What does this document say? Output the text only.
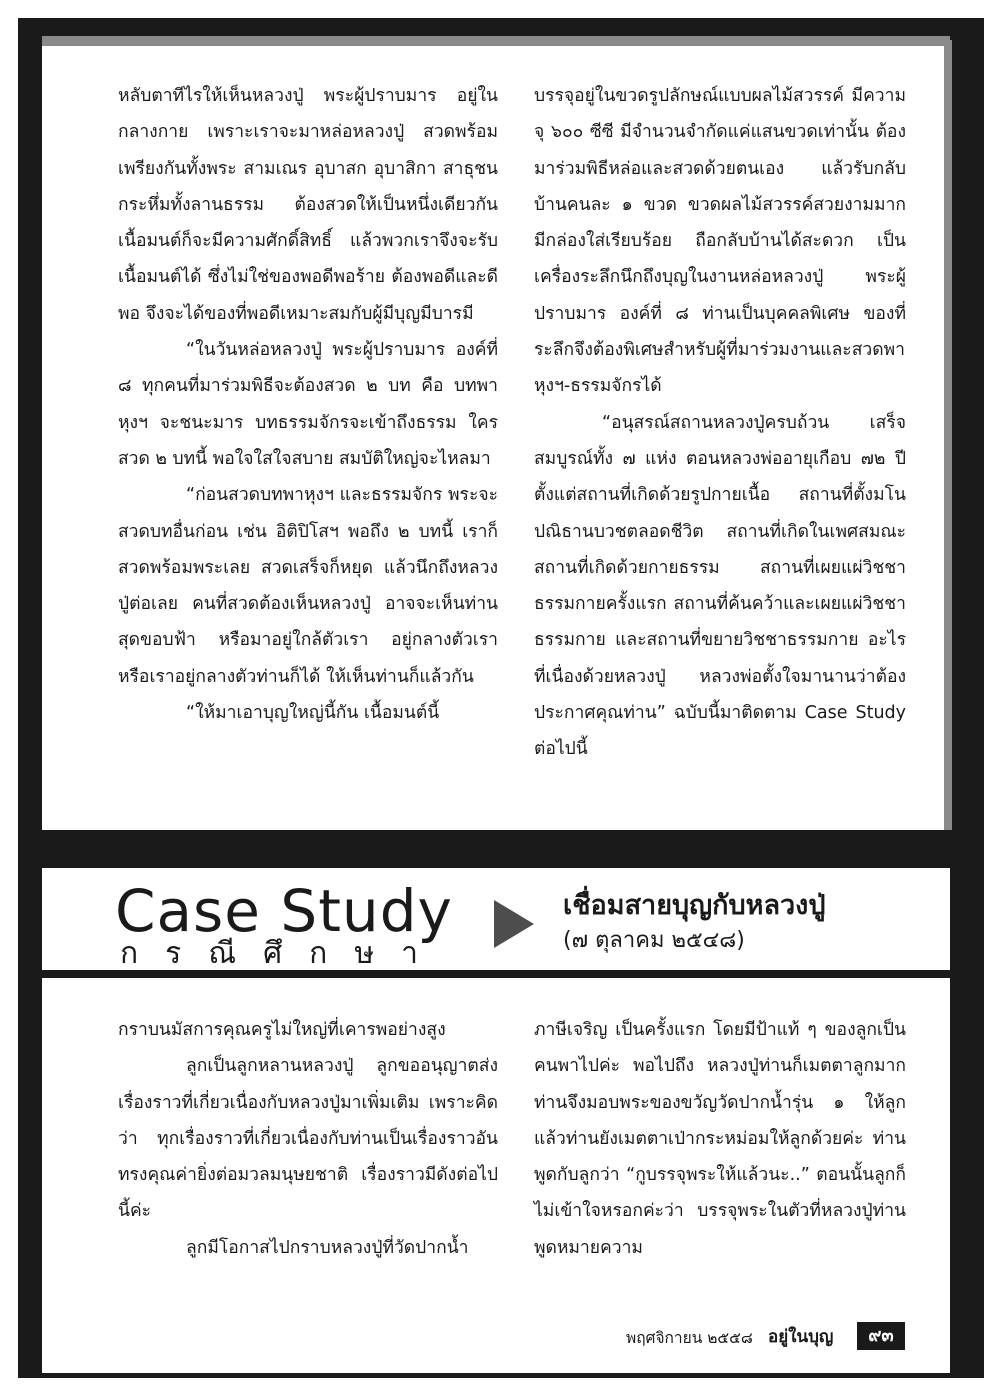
หลับตาทีไรให้เห็นหลวงปู่ พระผู้ปราบมาร อยู่ในกลางกาย เพราะเราจะมาหล่อหลวงปู่ สวดพร้อมเพรียงกันทั้งพระ สามเณร อุบาสก อุบาสิกา สาธุชน กระหึ่มทั้งลานธรรม ต้องสวดให้เป็นหนึ่งเดียวกัน เนื้อมนต์ก็จะมีความศักดิ์สิทธิ์ แล้วพวกเราจึงจะรับเนื้อมนต์ได้ ซึ่งไม่ใช่ของพอดีพอร้าย ต้องพอดีและดีพอ จึงจะได้ของที่พอดีเหมาะสมกับผู้มีบุญมีบารมี

“ในวันหล่อหลวงปู่ พระผู้ปราบมาร องค์ที่ ๘ ทุกคนที่มาร่วมพิธีจะต้องสวด ๒ บท คือ บทพาหุงฯ จะชนะมาร บทธรรมจักรจะเข้าถึงธรรม ใครสวด ๒ บทนี้ พอใจใสใจสบาย สมบัติใหญ่จะไหลมา

“ก่อนสวดบทพาหุงฯ และธรรมจักร พระจะสวดบทอื่นก่อน เช่น อิติปิโสฯ พอถึง ๒ บทนี้ เราก็สวดพร้อมพระเลย สวดเสร็จก็หยุด แล้วนึกถึงหลวงปู่ต่อเลย คนที่สวดต้องเห็นหลวงปู่ อาจจะเห็นท่านสุดขอบฟ้า หรือมาอยู่ใกล้ตัวเรา อยู่กลางตัวเรา หรือเราอยู่กลางตัวท่านก็ได้ ให้เห็นท่านก็แล้วกัน

“ให้มาเอาบุญใหญ่นี้กัน เนื้อมนต์นี้

บรรจุอยู่ในขวดรูปลักษณ์แบบผลไม้สวรรค์ มีความจุ ๖๐๐ ซีซี มีจำนวนจำกัดแค่แสนขวดเท่านั้น ต้องมาร่วมพิธีหล่อและสวดด้วยตนเอง แล้วรับกลับบ้านคนละ ๑ ขวด ขวดผลไม้สวรรค์สวยงามมาก มีกล่องใส่เรียบร้อย ถือกลับบ้านได้สะดวก เป็นเครื่องระลึกนึกถึงบุญในงานหล่อหลวงปู่ พระผู้ปราบมาร องค์ที่ ๘ ท่านเป็นบุคคลพิเศษ ของที่ระลึกจึงต้องพิเศษสำหรับผู้ที่มาร่วมงานและสวดพาหุงฯ-ธรรมจักรได้

“อนุสรณ์สถานหลวงปู่ครบถ้วน เสร็จสมบูรณ์ทั้ง ๗ แห่ง ตอนหลวงพ่ออายุเกือบ ๗๒ ปี ตั้งแต่สถานที่เกิดด้วยรูปกายเนื้อ สถานที่ตั้งมโนปณิธานบวชตลอดชีวิต สถานที่เกิดในเพศสมณะ สถานที่เกิดด้วยกายธรรม สถานที่เผยแผ่วิชชาธรรมกายครั้งแรก สถานที่ค้นคว้าและเผยแผ่วิชชาธรรมกาย และสถานที่ขยายวิชชาธรรมกาย อะไรที่เนื่องด้วยหลวงปู่ หลวงพ่อตั้งใจมานานว่าต้องประกาศคุณท่าน” ฉบับนี้มาติดตาม Case Study ต่อไปนี้

Case Study
กรณีศึกษา
เชื่อมสายบุญกับหลวงปู่
(๗ ตุลาคม ๒๕๔๘)

กราบนมัสการคุณครูไม่ใหญ่ที่เคารพอย่างสูง

ลูกเป็นลูกหลานหลวงปู่ ลูกขออนุญาตส่งเรื่องราวที่เกี่ยวเนื่องกับหลวงปู่มาเพิ่มเติม เพราะคิดว่า ทุกเรื่องราวที่เกี่ยวเนื่องกับท่านเป็นเรื่องราวอันทรงคุณค่ายิ่งต่อมวลมนุษยชาติ เรื่องราวมีดังต่อไปนี้ค่ะ

ลูกมีโอกาสไปกราบหลวงปู่ที่วัดปากน้ำ

ภาษีเจริญ เป็นครั้งแรก โดยมีป้าแท้ ๆ ของลูกเป็นคนพาไปค่ะ พอไปถึง หลวงปู่ท่านก็เมตตาลูกมาก ท่านจึงมอบพระของขวัญวัดปากน้ำรุ่น ๑ ให้ลูก แล้วท่านยังเมตตาเป่ากระหม่อมให้ลูกด้วยค่ะ ท่านพูดกับลูกว่า “กูบรรจุพระให้แล้วนะ..” ตอนนั้นลูกก็ไม่เข้าใจหรอกค่ะว่า บรรจุพระในตัวที่หลวงปู่ท่านพูดหมายความ

พฤศจิกายน ๒๕๕๘ อยู่ในบุญ	๙๓
